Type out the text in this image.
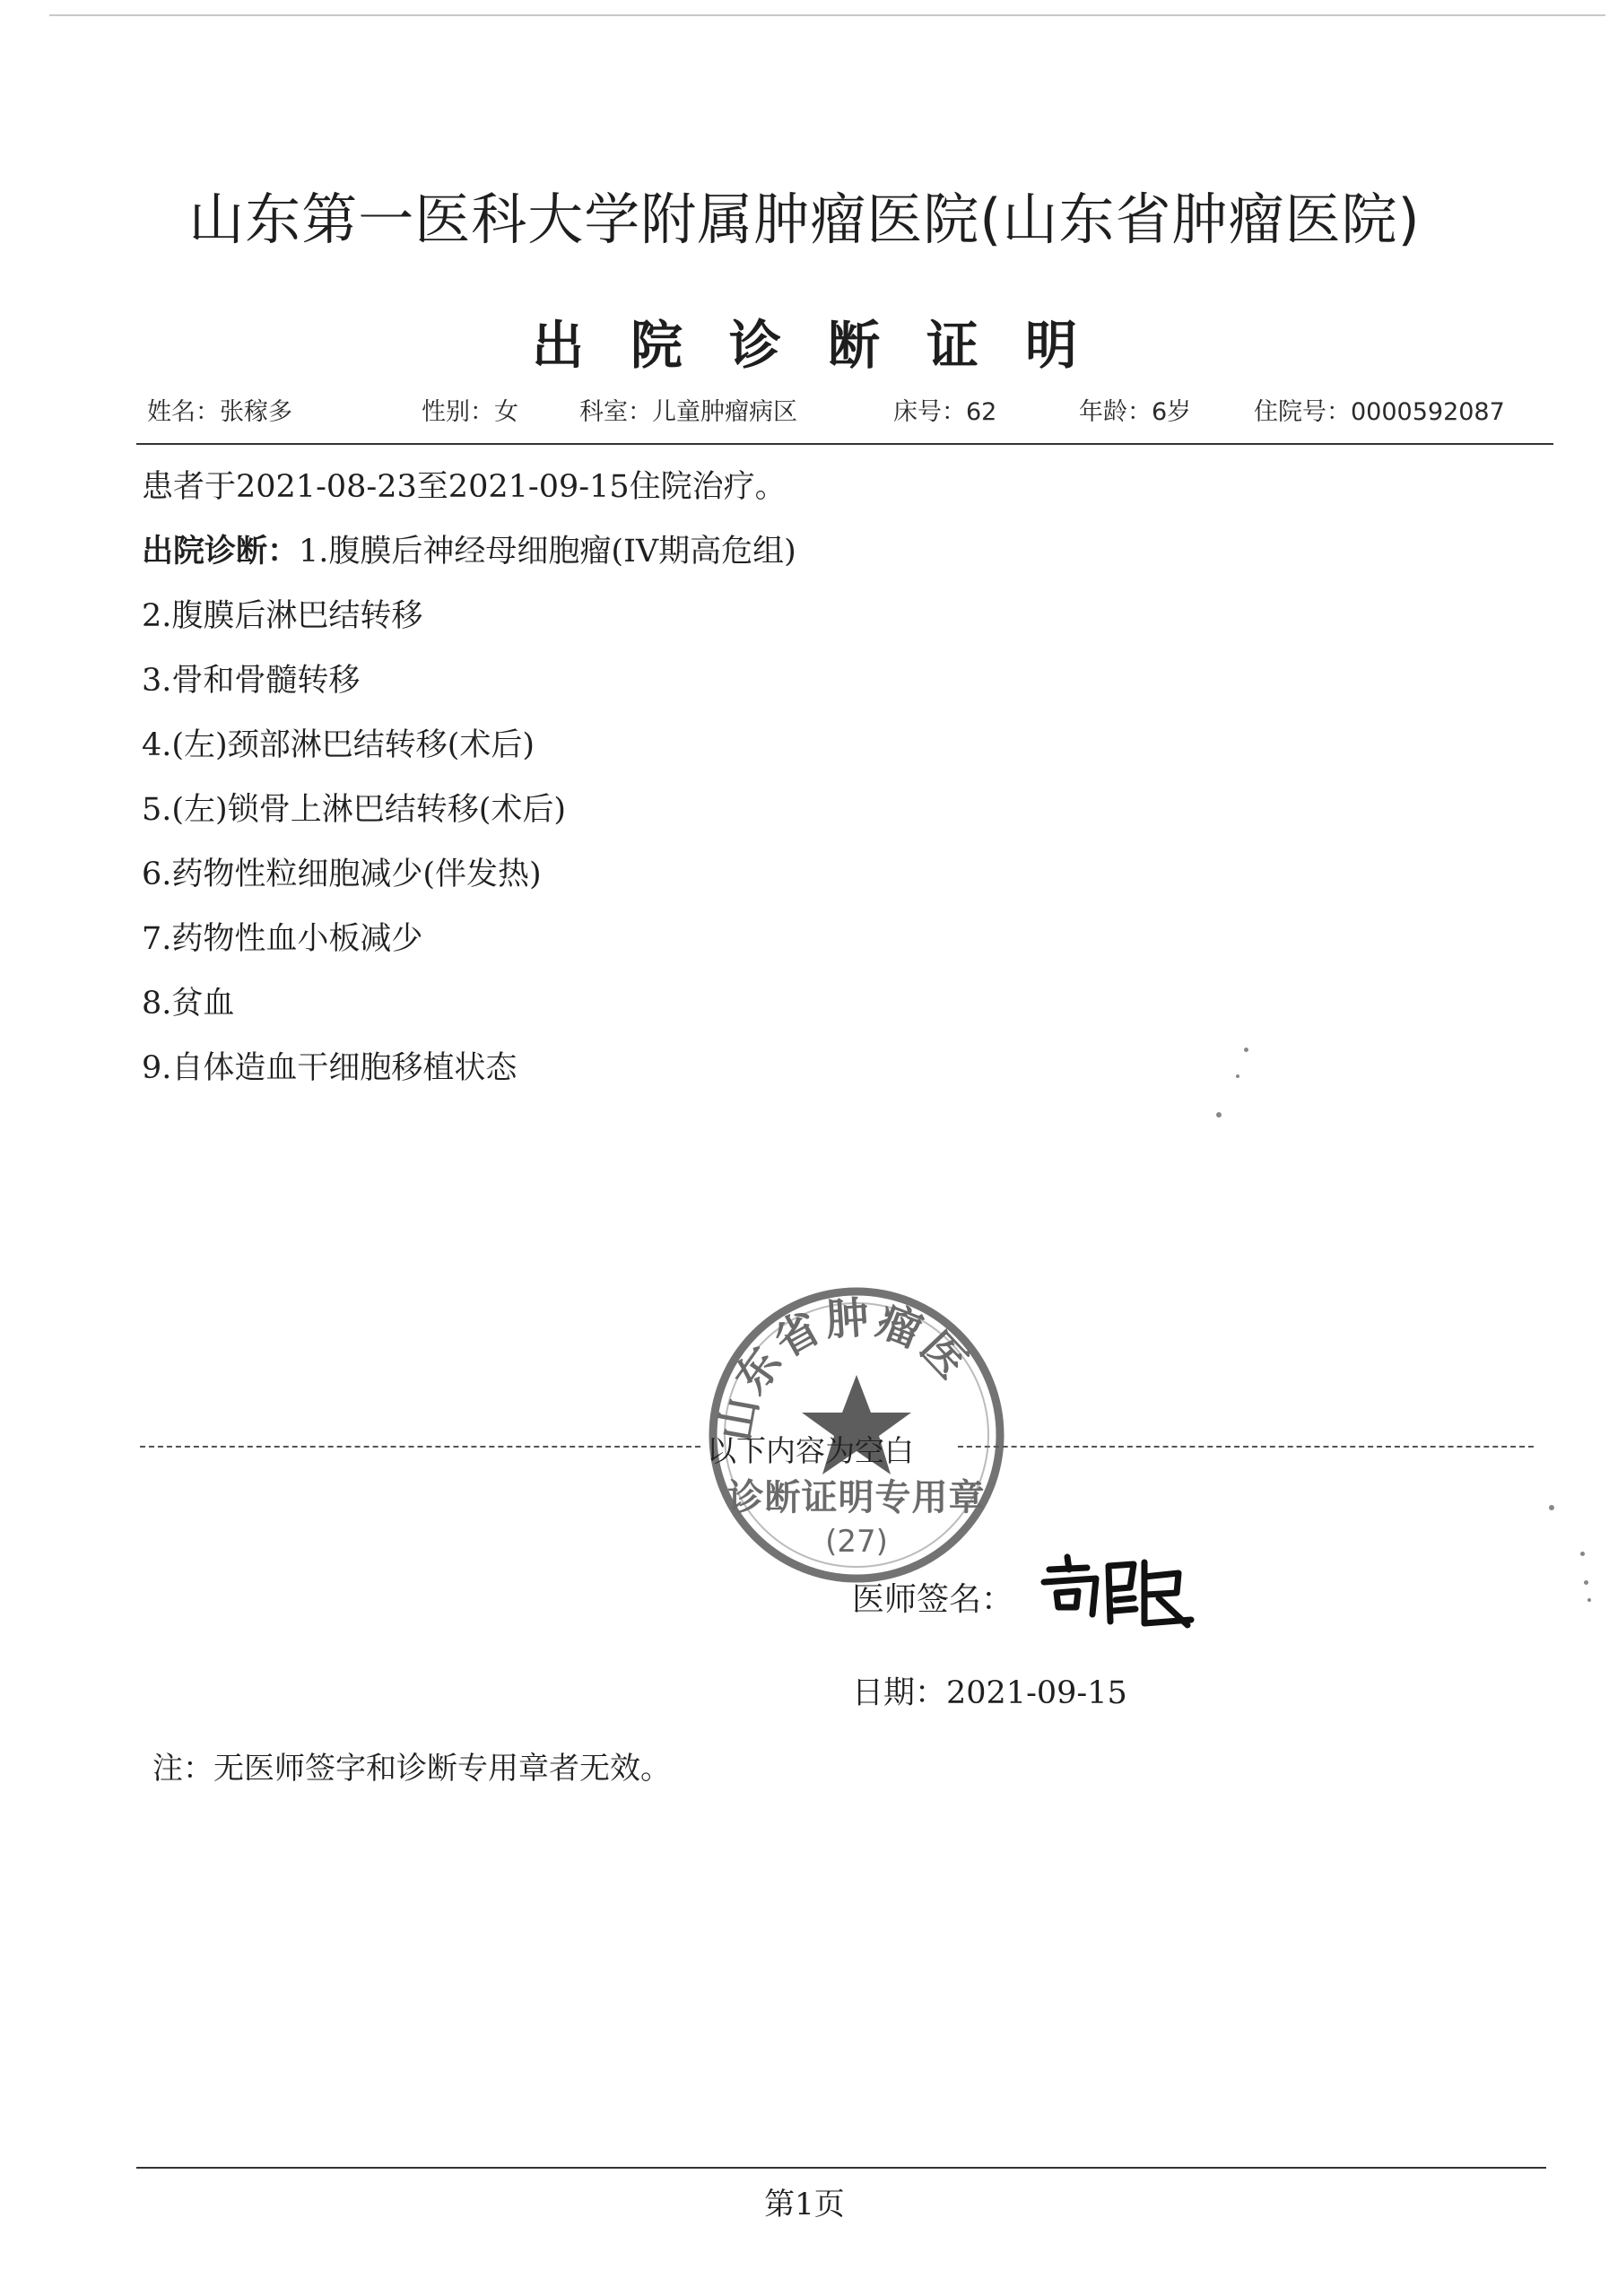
山东第一医科大学附属肿瘤医院(山东省肿瘤医院)
出院诊断证明
姓名：张稼多	性别：女	科室：儿童肿瘤病区	床号：62	年龄：6岁	住院号：0000592087
患者于2021-08-23至2021-09-15住院治疗。
出院诊断：1.腹膜后神经母细胞瘤(IV期高危组)
2.腹膜后淋巴结转移
3.骨和骨髓转移
4.(左)颈部淋巴结转移(术后)
5.(左)锁骨上淋巴结转移(术后)
6.药物性粒细胞减少(伴发热)
7.药物性血小板减少
8.贫血
9.自体造血干细胞移植状态
以下内容为空白
山东省肿瘤医
诊断证明专用章
(27)
医师签名：
日期：2021-09-15
注：无医师签字和诊断专用章者无效。
第1页
